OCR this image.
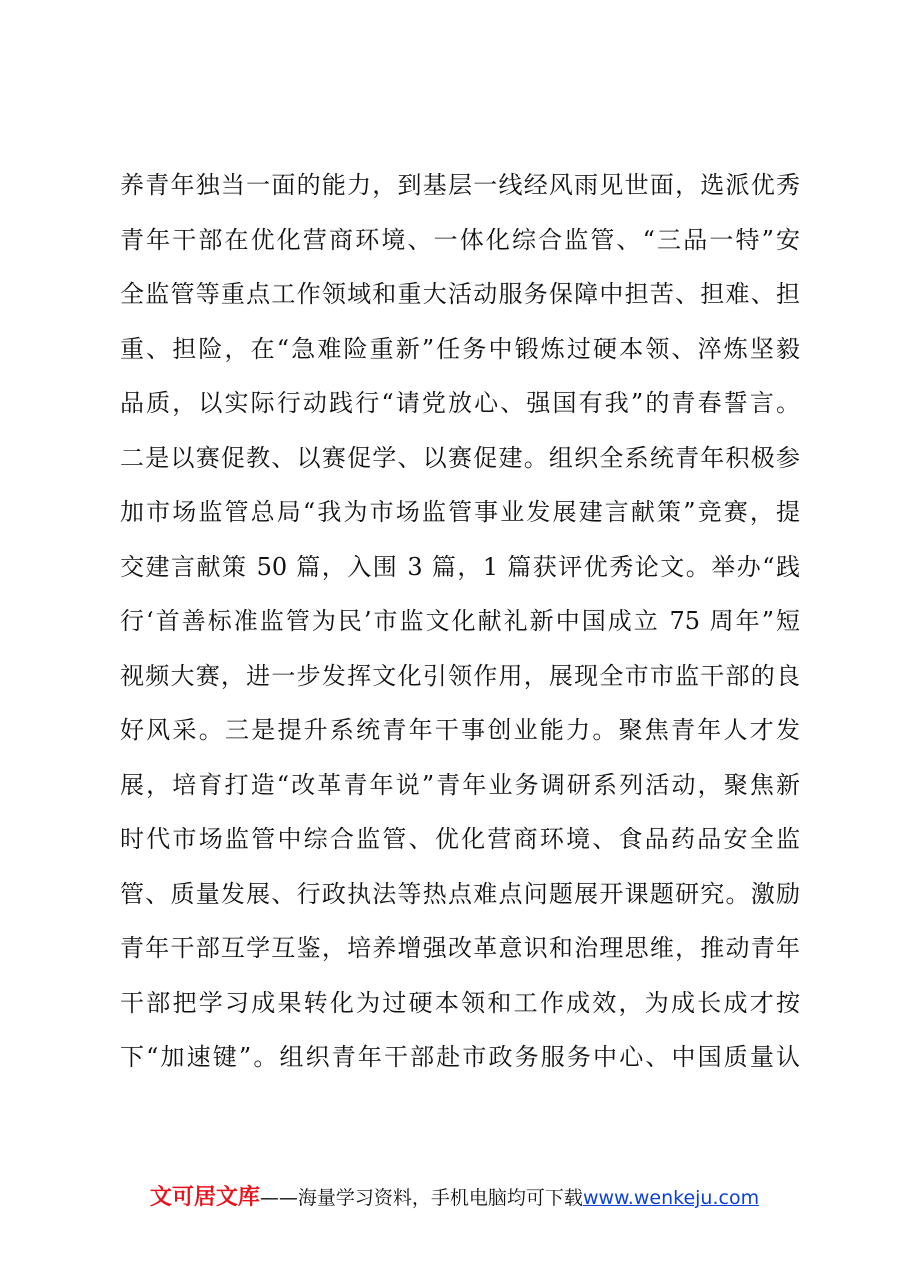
养青年独当一面的能力，到基层一线经风雨见世面，选派优秀
青年干部在优化营商环境、一体化综合监管、“三品一特”安
全监管等重点工作领域和重大活动服务保障中担苦、担难、担
重、担险，在“急难险重新”任务中锻炼过硬本领、淬炼坚毅
品质，以实际行动践行“请党放心、强国有我”的青春誓言。
二是以赛促教、以赛促学、以赛促建。组织全系统青年积极参
加市场监管总局“我为市场监管事业发展建言献策”竞赛，提
交建言献策 50 篇，入围 3 篇，1 篇获评优秀论文。举办“践
行‘首善标准监管为民’市监文化献礼新中国成立 75 周年”短
视频大赛，进一步发挥文化引领作用，展现全市市监干部的良
好风采。三是提升系统青年干事创业能力。聚焦青年人才发
展，培育打造“改革青年说”青年业务调研系列活动，聚焦新
时代市场监管中综合监管、优化营商环境、食品药品安全监
管、质量发展、行政执法等热点难点问题展开课题研究。激励
青年干部互学互鉴，培养增强改革意识和治理思维，推动青年
干部把学习成果转化为过硬本领和工作成效，为成长成才按
下“加速键”。组织青年干部赴市政务服务中心、中国质量认
文可居文库——海量学习资料，手机电脑均可下载www.wenkeju.com
